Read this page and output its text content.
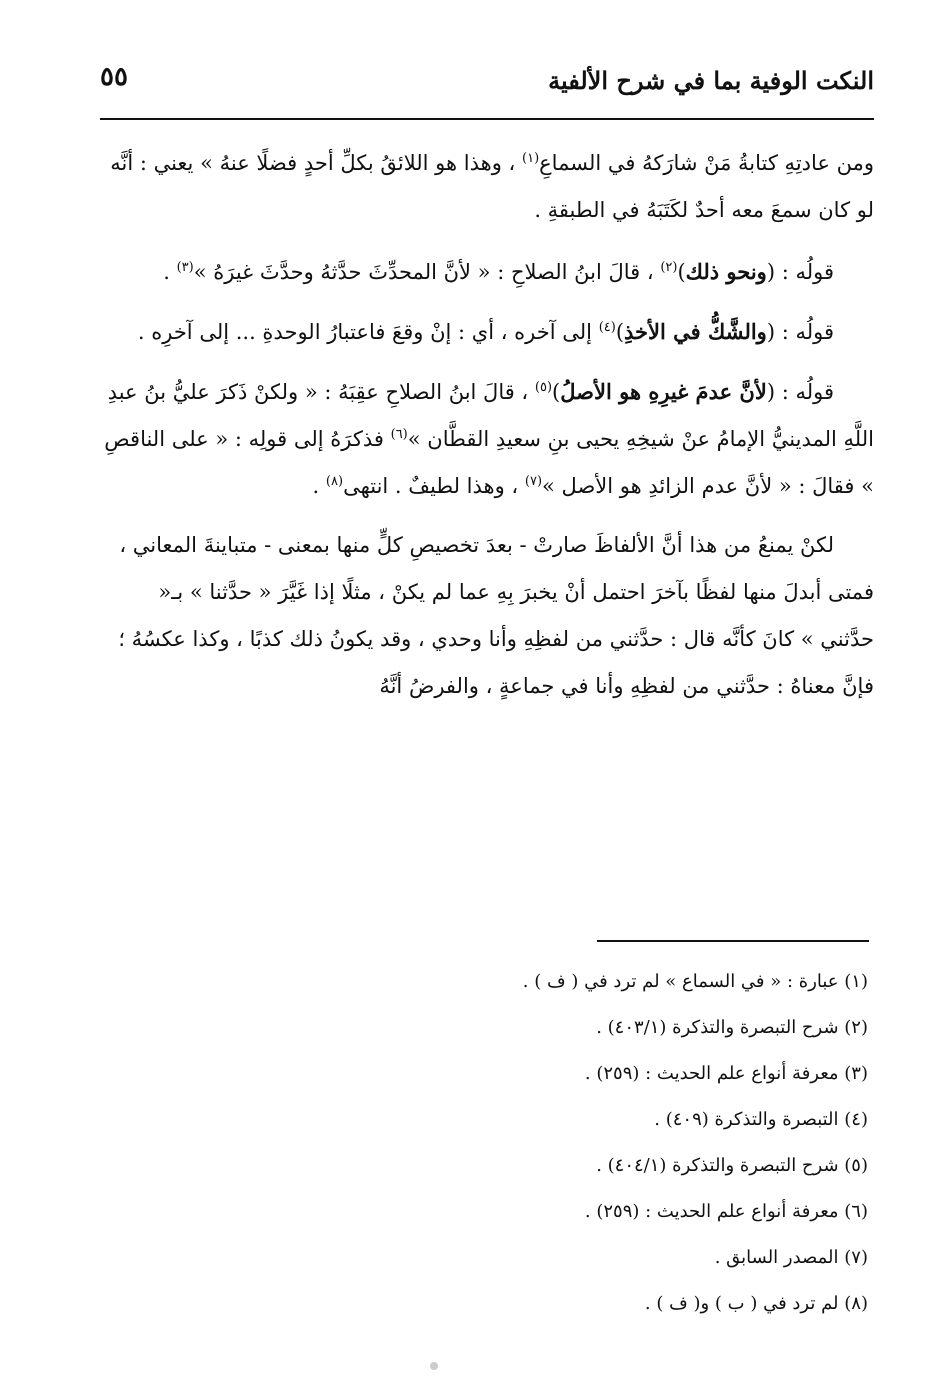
النكت الوفية بما في شرح الألفية
٥٥

ومن عادتِهِ كتابةُ مَنْ شارَكهُ في السماعِ$^{(١)}$ ، وهذا هو اللائقُ بكلِّ أحدٍ فضلًا عنهُ » يعني : أنَّه لو كان سمعَ معه أحدٌ لكَتَبَهُ في الطبقةِ .

قولُه : (ونحو ذلك)$^{(٢)}$ ، قالَ ابنُ الصلاحِ : « لأنَّ المحدِّثَ حدَّثهُ وحدَّثَ غيرَهُ »$^{(٣)}$ .

قولُه : (والشَّكُّ في الأخذِ)$^{(٤)}$ إلى آخره ، أي : إنْ وقعَ فاعتبارُ الوحدةِ ... إلى آخرِه .

قولُه : (لأنَّ عدمَ غيرِهِ هو الأصلُ)$^{(٥)}$ ، قالَ ابنُ الصلاحِ عقِبَهُ : « ولكنْ ذَكرَ عليُّ بنُ عبدِ اللَّهِ المدينيُّ الإمامُ عنْ شيخِهِ يحيى بنِ سعيدِ القطَّان »$^{(٦)}$ فذكرَهُ إلى قولِه : « على الناقصِ » فقالَ : « لأنَّ عدم الزائدِ هو الأصل »$^{(٧)}$ ، وهذا لطيفٌ . انتهى$^{(٨)}$ .

لكنْ يمنعُ من هذا أنَّ الألفاظَ صارتْ - بعدَ تخصيصِ كلٍّ منها بمعنى - متباينةَ المعاني ، فمتى أبدلَ منها لفظًا بآخرَ احتمل أنْ يخبرَ بِهِ عما لم يكنْ ، مثلًا إذا غَيَّرَ « حدَّثنا » بـ« حدَّثني » كانَ كأنَّه قال : حدَّثني من لفظِهِ وأنا وحدي ، وقد يكونُ ذلك كذبًا ، وكذا عكسُهُ ؛ فإنَّ معناهُ : حدَّثني من لفظِهِ وأنا في جماعةٍ ، والفرضُ أنَّهُ

(١) عبارة : « في السماع » لم ترد في ( ف ) .
(٢) شرح التبصرة والتذكرة (٤٠٣/١) .
(٣) معرفة أنواع علم الحديث : (٢٥٩) .
(٤) التبصرة والتذكرة (٤٠٩) .
(٥) شرح التبصرة والتذكرة (٤٠٤/١) .
(٦) معرفة أنواع علم الحديث : (٢٥٩) .
(٧) المصدر السابق .
(٨) لم ترد في ( ب ) و( ف ) .
